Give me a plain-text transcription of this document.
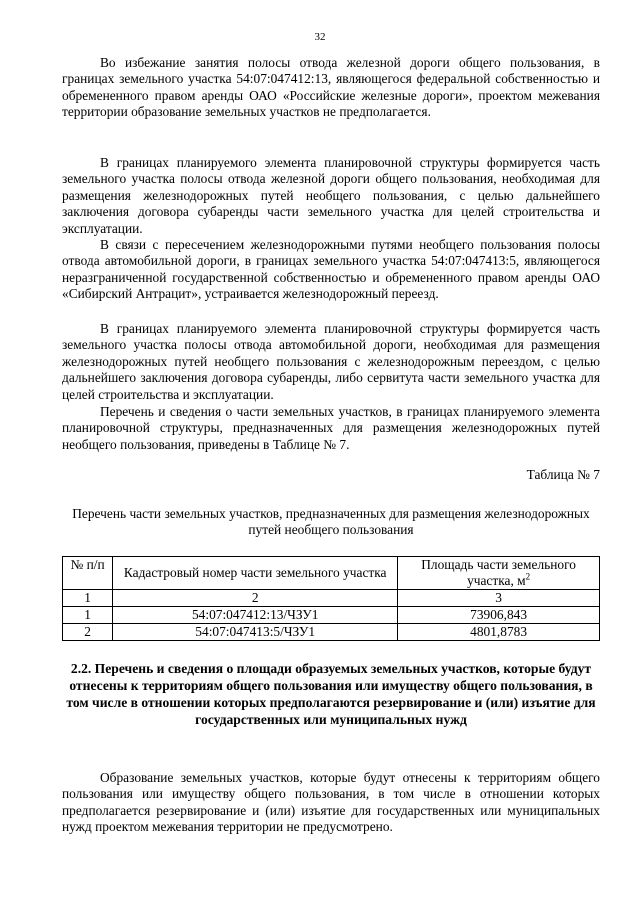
32

Во избежание занятия полосы отвода железной дороги общего пользования, в границах земельного участка 54:07:047412:13, являющегося федеральной собственностью и обремененного правом аренды ОАО «Российские железные дороги», проектом межевания территории образование земельных участков не предполагается.

В границах планируемого элемента планировочной структуры формируется часть земельного участка полосы отвода железной дороги общего пользования, необходимая для размещения железнодорожных путей необщего пользования, с целью дальнейшего заключения договора субаренды части земельного участка для целей строительства и эксплуатации.

В связи с пересечением железнодорожными путями необщего пользования полосы отвода автомобильной дороги, в границах земельного участка 54:07:047413:5, являющегося неразграниченной государственной собственностью и обремененного правом аренды ОАО «Сибирский Антрацит», устраивается железнодорожный переезд.

В границах планируемого элемента планировочной структуры формируется часть земельного участка полосы отвода автомобильной дороги, необходимая для размещения железнодорожных путей необщего пользования с железнодорожным переездом, с целью дальнейшего заключения договора субаренды, либо сервитута части земельного участка для целей строительства и эксплуатации.

Перечень и сведения о части земельных участков, в границах планируемого элемента планировочной структуры, предназначенных для размещения железнодорожных путей необщего пользования, приведены в Таблице № 7.

Таблица № 7

Перечень части земельных участков, предназначенных для размещения железнодорожных путей необщего пользования

№ п/п	Кадастровый номер части земельного участка	Площадь части земельного участка, $м^2$
1	2	3
1	54:07:047412:13/ЧЗУ1	73906,843
2	54:07:047413:5/ЧЗУ1	4801,8783

2.2. Перечень и сведения о площади образуемых земельных участков, которые будут отнесены к территориям общего пользования или имуществу общего пользования, в том числе в отношении которых предполагаются резервирование и (или) изъятие для государственных или муниципальных нужд

Образование земельных участков, которые будут отнесены к территориям общего пользования или имуществу общего пользования, в том числе в отношении которых предполагается резервирование и (или) изъятие для государственных или муниципальных нужд проектом межевания территории не предусмотрено.
